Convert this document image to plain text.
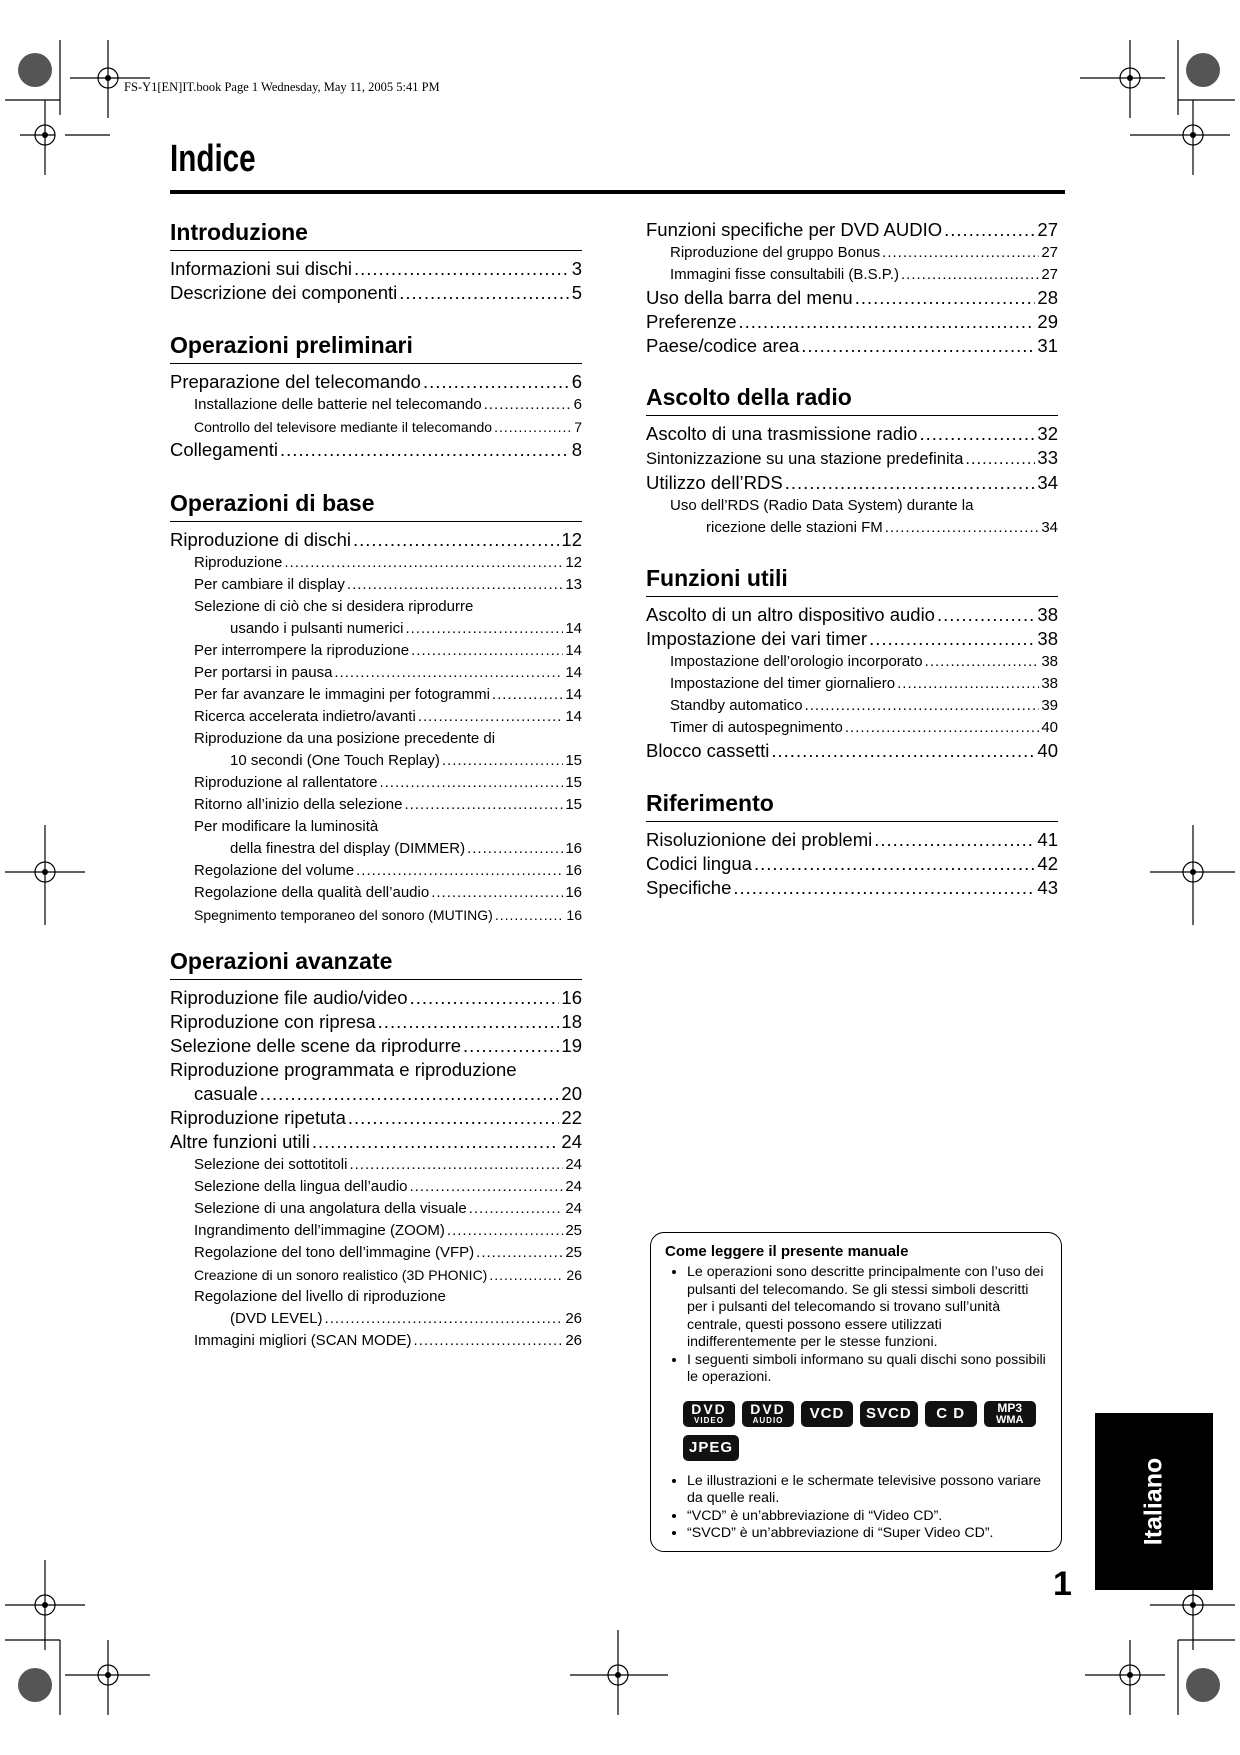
FS-Y1[EN]IT.book Page 1 Wednesday, May 11, 2005 5:41 PM
Indice
Introduzione
Informazioni sui dischi .....	3
Descrizione dei componenti .....	5
Operazioni preliminari
Preparazione del telecomando .....	6
Installazione delle batterie nel telecomando .....	6
Controllo del televisore mediante il telecomando .....	7
Collegamenti .....	8
Operazioni di base
Riproduzione di dischi .....	12
Riproduzione .....	12
Per cambiare il display .....	13
Selezione di ciò che si desidera riprodurre
usando i pulsanti numerici .....	14
Per interrompere la riproduzione .....	14
Per portarsi in pausa .....	14
Per far avanzare le immagini per fotogrammi .....	14
Ricerca accelerata indietro/avanti .....	14
Riproduzione da una posizione precedente di
10 secondi (One Touch Replay) .....	15
Riproduzione al rallentatore .....	15
Ritorno all’inizio della selezione .....	15
Per modificare la luminosità
della finestra del display (DIMMER) .....	16
Regolazione del volume .....	16
Regolazione della qualità dell’audio .....	16
Spegnimento temporaneo del sonoro (MUTING) .....	16
Operazioni avanzate
Riproduzione file audio/video .....	16
Riproduzione con ripresa .....	18
Selezione delle scene da riprodurre .....	19
Riproduzione programmata e riproduzione
casuale .....	20
Riproduzione ripetuta .....	22
Altre funzioni utili .....	24
Selezione dei sottotitoli .....	24
Selezione della lingua dell’audio .....	24
Selezione di una angolatura della visuale .....	24
Ingrandimento dell’immagine (ZOOM) .....	25
Regolazione del tono dell’immagine (VFP) .....	25
Creazione di un sonoro realistico (3D PHONIC) .....	26
Regolazione del livello di riproduzione
(DVD LEVEL) .....	26
Immagini migliori (SCAN MODE) .....	26
Funzioni specifiche per DVD AUDIO .....	27
Riproduzione del gruppo Bonus .....	27
Immagini fisse consultabili (B.S.P.) .....	27
Uso della barra del menu .....	28
Preferenze .....	29
Paese/codice area .....	31
Ascolto della radio
Ascolto di una trasmissione radio .....	32
Sintonizzazione su una stazione predefinita .....	33
Utilizzo dell’RDS .....	34
Uso dell’RDS (Radio Data System) durante la
ricezione delle stazioni FM .....	34
Funzioni utili
Ascolto di un altro dispositivo audio .....	38
Impostazione dei vari timer .....	38
Impostazione dell’orologio incorporato .....	38
Impostazione del timer giornaliero .....	38
Standby automatico .....	39
Timer di autospegnimento .....	40
Blocco cassetti .....	40
Riferimento
Risoluzionione dei problemi .....	41
Codici lingua .....	42
Specifiche .....	43
Come leggere il presente manuale
• Le operazioni sono descritte principalmente con l’uso dei pulsanti del telecomando. Se gli stessi simboli descritti per i pulsanti del telecomando si trovano sull’unità centrale, questi possono essere utilizzati indifferentemente per le stesse funzioni.
• I seguenti simboli informano su quali dischi sono possibili le operazioni.
DVD
VIDEO
DVD
AUDIO VCD SVCD C D	MP3
WMA
JPEG
• Le illustrazioni e le schermate televisive possono variare da quelle reali.
• “VCD” è un’abbreviazione di “Video CD”.
• “SVCD” è un’abbreviazione di “Super Video CD”.	Italiano
1
